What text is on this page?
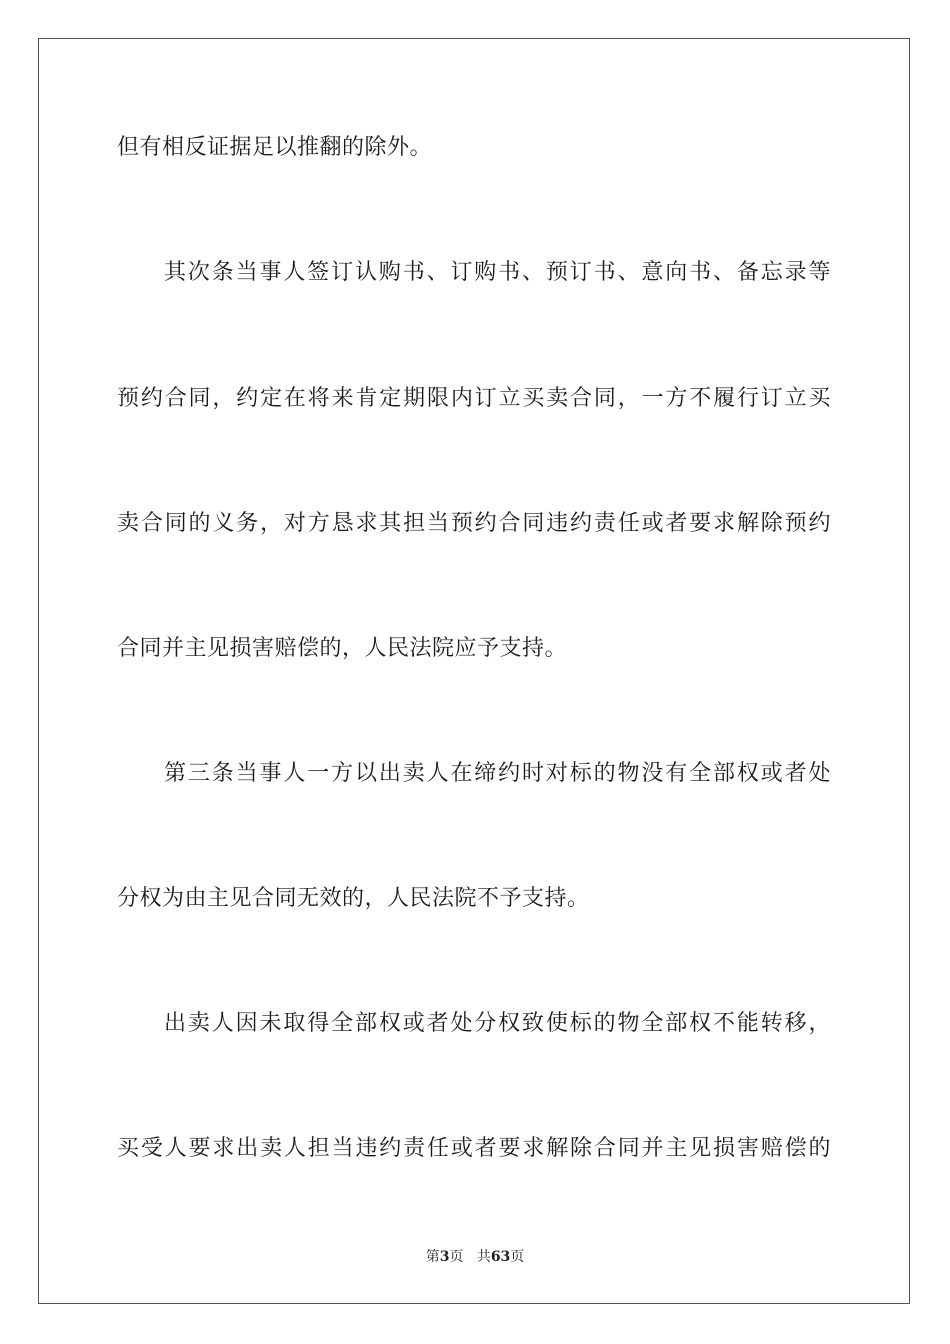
但有相反证据足以推翻的除外。
其次条当事人签订认购书、订购书、预订书、意向书、备忘录等
预约合同，约定在将来肯定期限内订立买卖合同，一方不履行订立买
卖合同的义务，对方恳求其担当预约合同违约责任或者要求解除预约
合同并主见损害赔偿的，人民法院应予支持。
第三条当事人一方以出卖人在缔约时对标的物没有全部权或者处
分权为由主见合同无效的，人民法院不予支持。
出卖人因未取得全部权或者处分权致使标的物全部权不能转移，
买受人要求出卖人担当违约责任或者要求解除合同并主见损害赔偿的
第3页 共63页
